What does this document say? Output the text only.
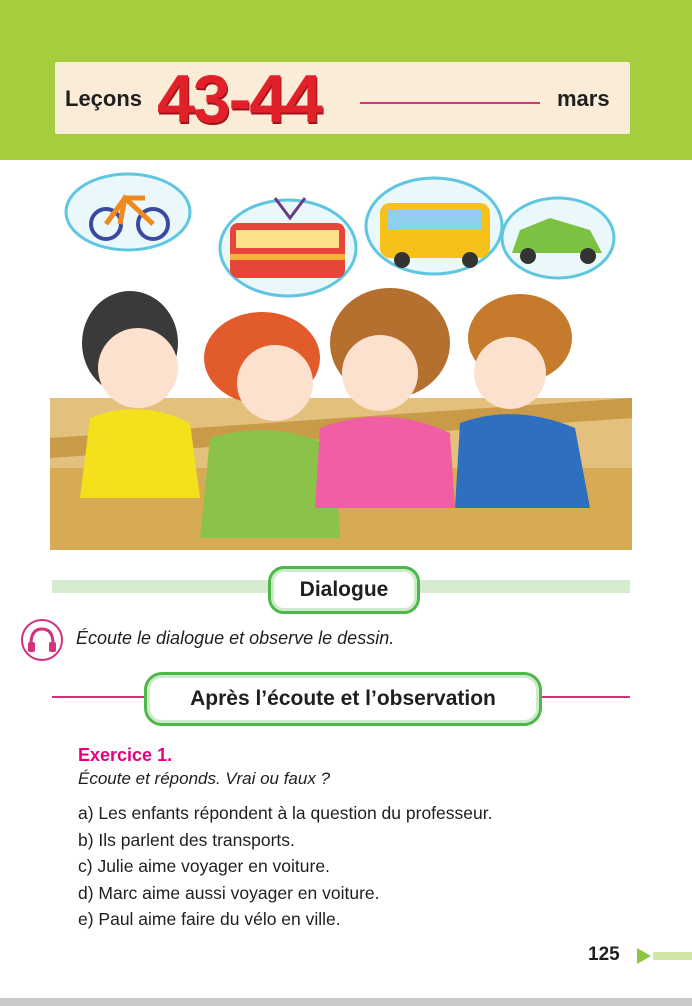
Leçons 43-44	mars
Dialogue
Écoute le dialogue et observe le dessin.
Après l’écoute et l’observation
Exercice 1.
Écoute et réponds. Vrai ou faux ?
a) Les enfants répondent à la question du professeur.
b) Ils parlent des transports.
c) Julie aime voyager en voiture.
d) Marc aime aussi voyager en voiture.
e) Paul aime faire du vélo en ville.
125
